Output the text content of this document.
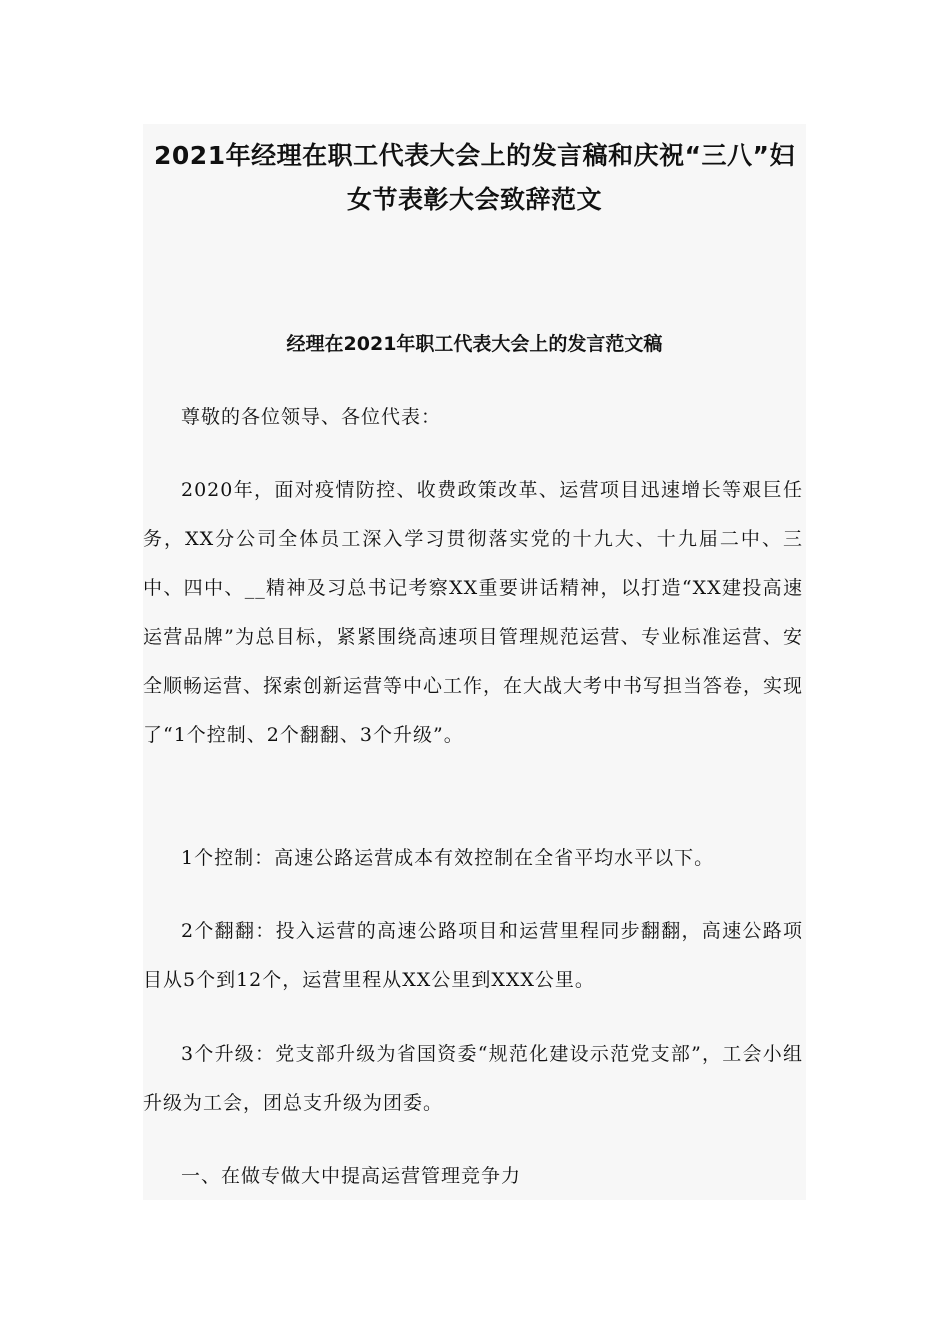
2021年经理在职工代表大会上的发言稿和庆祝“三八”妇女节表彰大会致辞范文
经理在2021年职工代表大会上的发言范文稿

尊敬的各位领导、各位代表：

2020年，面对疫情防控、收费政策改革、运营项目迅速增长等艰巨任务，XX分公司全体员工深入学习贯彻落实党的十九大、十九届二中、三中、四中、__精神及习总书记考察XX重要讲话精神，以打造“XX建投高速运营品牌”为总目标，紧紧围绕高速项目管理规范运营、专业标准运营、安全顺畅运营、探索创新运营等中心工作，在大战大考中书写担当答卷，实现了“1个控制、2个翻翻、3个升级”。

1个控制：高速公路运营成本有效控制在全省平均水平以下。

2个翻翻：投入运营的高速公路项目和运营里程同步翻翻，高速公路项目从5个到12个，运营里程从XX公里到XXX公里。

3个升级：党支部升级为省国资委“规范化建设示范党支部”，工会小组升级为工会，团总支升级为团委。

一、在做专做大中提高运营管理竞争力
